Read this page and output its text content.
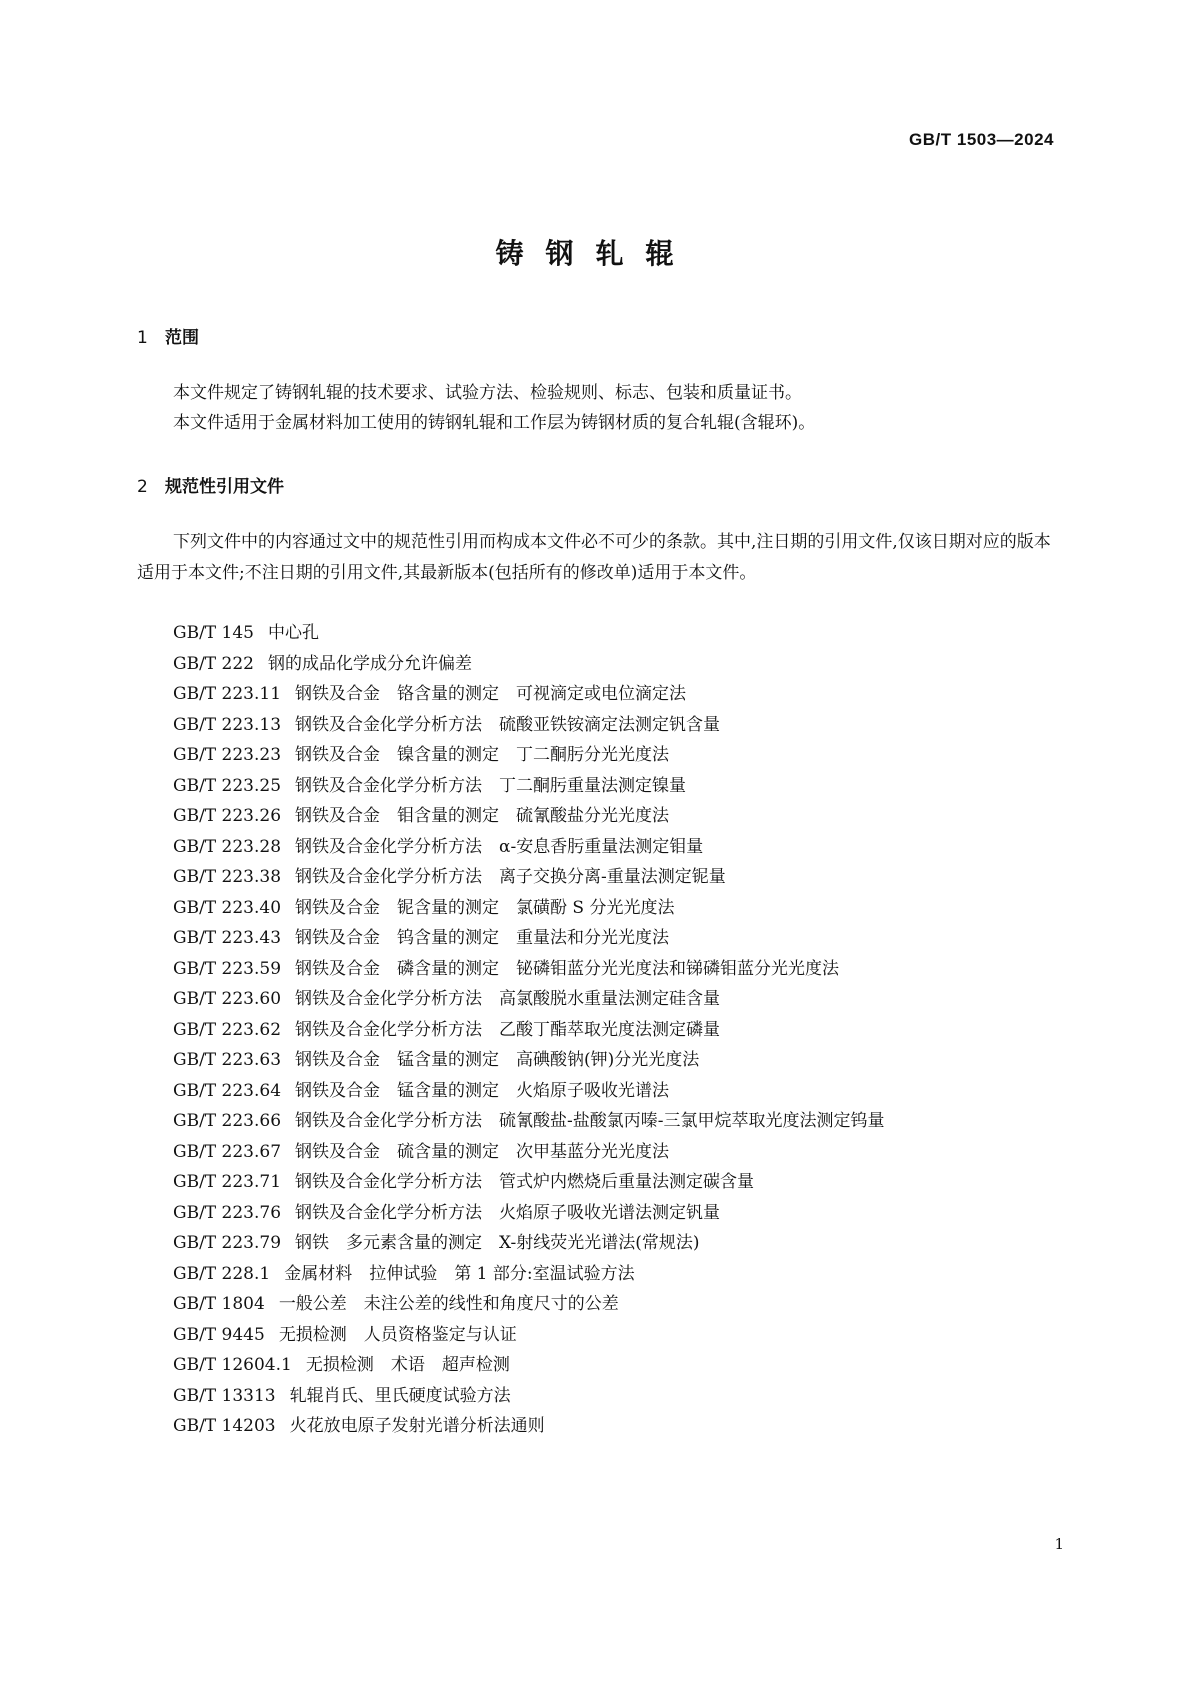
GB/T 1503—2024
铸钢轧辊
1 范围
本文件规定了铸钢轧辊的技术要求、试验方法、检验规则、标志、包装和质量证书。
本文件适用于金属材料加工使用的铸钢轧辊和工作层为铸钢材质的复合轧辊(含辊环)。
2 规范性引用文件
下列文件中的内容通过文中的规范性引用而构成本文件必不可少的条款。其中,注日期的引用文件,仅该日期对应的版本适用于本文件;不注日期的引用文件,其最新版本(包括所有的修改单)适用于本文件。
GB/T 145 中心孔
GB/T 222 钢的成品化学成分允许偏差
GB/T 223.11 钢铁及合金　铬含量的测定　可视滴定或电位滴定法
GB/T 223.13 钢铁及合金化学分析方法　硫酸亚铁铵滴定法测定钒含量
GB/T 223.23 钢铁及合金　镍含量的测定　丁二酮肟分光光度法
GB/T 223.25 钢铁及合金化学分析方法　丁二酮肟重量法测定镍量
GB/T 223.26 钢铁及合金　钼含量的测定　硫氰酸盐分光光度法
GB/T 223.28 钢铁及合金化学分析方法　α-安息香肟重量法测定钼量
GB/T 223.38 钢铁及合金化学分析方法　离子交换分离-重量法测定铌量
GB/T 223.40 钢铁及合金　铌含量的测定　氯磺酚 S 分光光度法
GB/T 223.43 钢铁及合金　钨含量的测定　重量法和分光光度法
GB/T 223.59 钢铁及合金　磷含量的测定　铋磷钼蓝分光光度法和锑磷钼蓝分光光度法
GB/T 223.60 钢铁及合金化学分析方法　高氯酸脱水重量法测定硅含量
GB/T 223.62 钢铁及合金化学分析方法　乙酸丁酯萃取光度法测定磷量
GB/T 223.63 钢铁及合金　锰含量的测定　高碘酸钠(钾)分光光度法
GB/T 223.64 钢铁及合金　锰含量的测定　火焰原子吸收光谱法
GB/T 223.66 钢铁及合金化学分析方法　硫氰酸盐-盐酸氯丙嗪-三氯甲烷萃取光度法测定钨量
GB/T 223.67 钢铁及合金　硫含量的测定　次甲基蓝分光光度法
GB/T 223.71 钢铁及合金化学分析方法　管式炉内燃烧后重量法测定碳含量
GB/T 223.76 钢铁及合金化学分析方法　火焰原子吸收光谱法测定钒量
GB/T 223.79 钢铁　多元素含量的测定　X-射线荧光光谱法(常规法)
GB/T 228.1 金属材料　拉伸试验　第 1 部分:室温试验方法
GB/T 1804 一般公差　未注公差的线性和角度尺寸的公差
GB/T 9445 无损检测　人员资格鉴定与认证
GB/T 12604.1 无损检测　术语　超声检测
GB/T 13313 轧辊肖氏、里氏硬度试验方法
GB/T 14203 火花放电原子发射光谱分析法通则
1
